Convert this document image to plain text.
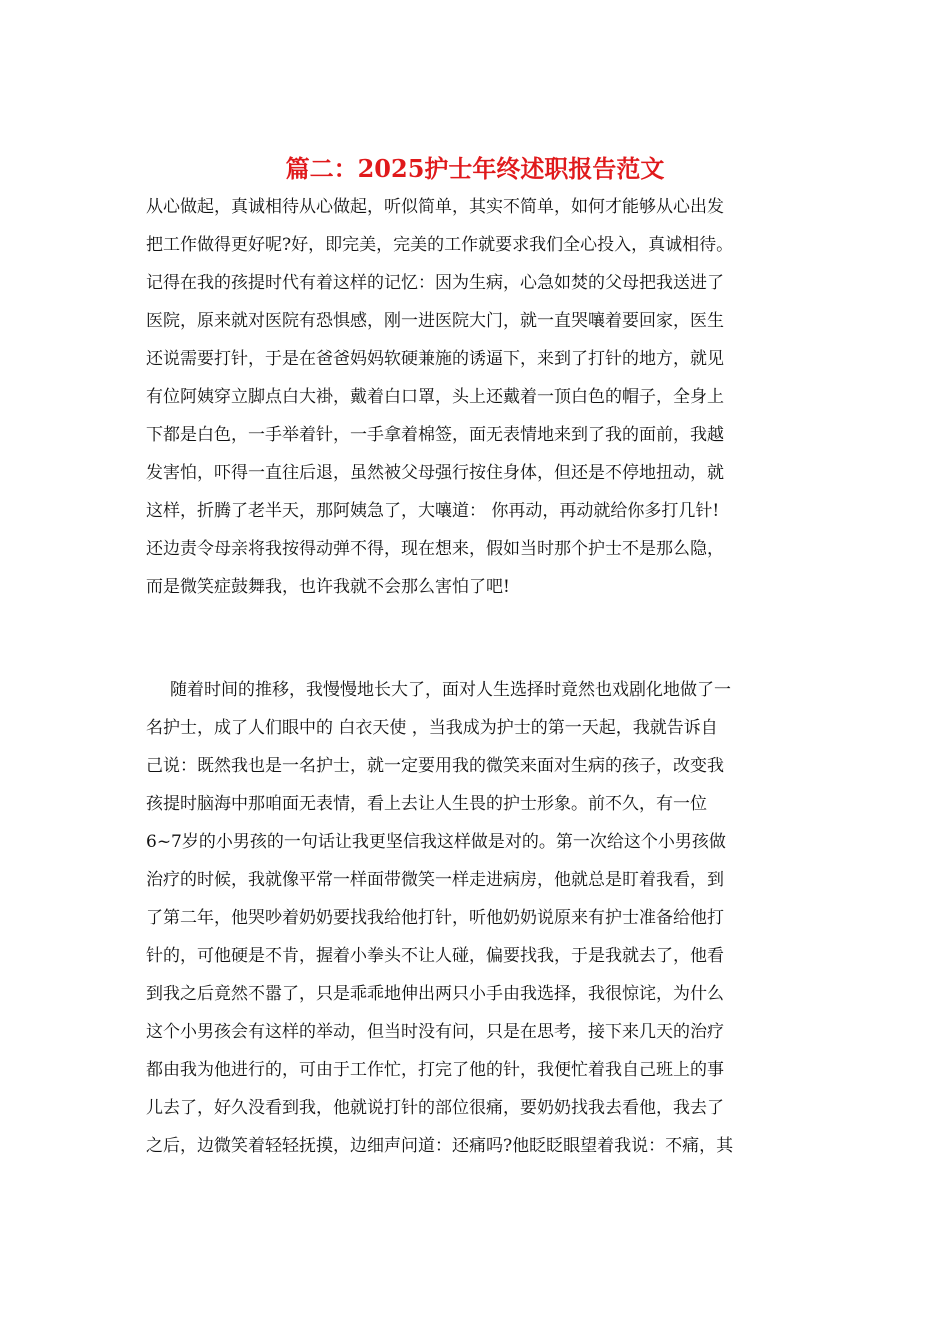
篇二：2025护士年终述职报告范文
从心做起，真诚相待从心做起，听似简单，其实不简单，如何才能够从心出发
把工作做得更好呢?好，即完美，完美的工作就要求我们全心投入，真诚相待。
记得在我的孩提时代有着这样的记忆：因为生病，心急如焚的父母把我送进了
医院，原来就对医院有恐惧感，刚一进医院大门，就一直哭嚷着要回家，医生
还说需要打针，于是在爸爸妈妈软硬兼施的诱逼下，来到了打针的地方，就见
有位阿姨穿立脚点白大褂，戴着白口罩，头上还戴着一顶白色的帽子，全身上
下都是白色，一手举着针，一手拿着棉签，面无表情地来到了我的面前，我越
发害怕，吓得一直往后退，虽然被父母强行按住身体，但还是不停地扭动，就
这样，折腾了老半天，那阿姨急了，大嚷道： 你再动，再动就给你多打几针!
还边责令母亲将我按得动弹不得，现在想来，假如当时那个护士不是那么隐，
而是微笑症鼓舞我，也许我就不会那么害怕了吧!
随着时间的推移，我慢慢地长大了，面对人生选择时竟然也戏剧化地做了一
名护士，成了人们眼中的 白衣天使 ，当我成为护士的第一天起，我就告诉自
己说：既然我也是一名护士，就一定要用我的微笑来面对生病的孩子，改变我
孩提时脑海中那咱面无表情，看上去让人生畏的护士形象。前不久，有一位
6~7岁的小男孩的一句话让我更坚信我这样做是对的。第一次给这个小男孩做
治疗的时候，我就像平常一样面带微笑一样走进病房，他就总是盯着我看，到
了第二年，他哭吵着奶奶要找我给他打针，听他奶奶说原来有护士准备给他打
针的，可他硬是不肯，握着小拳头不让人碰，偏要找我，于是我就去了，他看
到我之后竟然不嚣了，只是乖乖地伸出两只小手由我选择，我很惊诧，为什么
这个小男孩会有这样的举动，但当时没有问，只是在思考，接下来几天的治疗
都由我为他进行的，可由于工作忙，打完了他的针，我便忙着我自己班上的事
儿去了，好久没看到我，他就说打针的部位很痛，要奶奶找我去看他，我去了
之后，边微笑着轻轻抚摸，边细声问道：还痛吗?他眨眨眼望着我说：不痛，其
